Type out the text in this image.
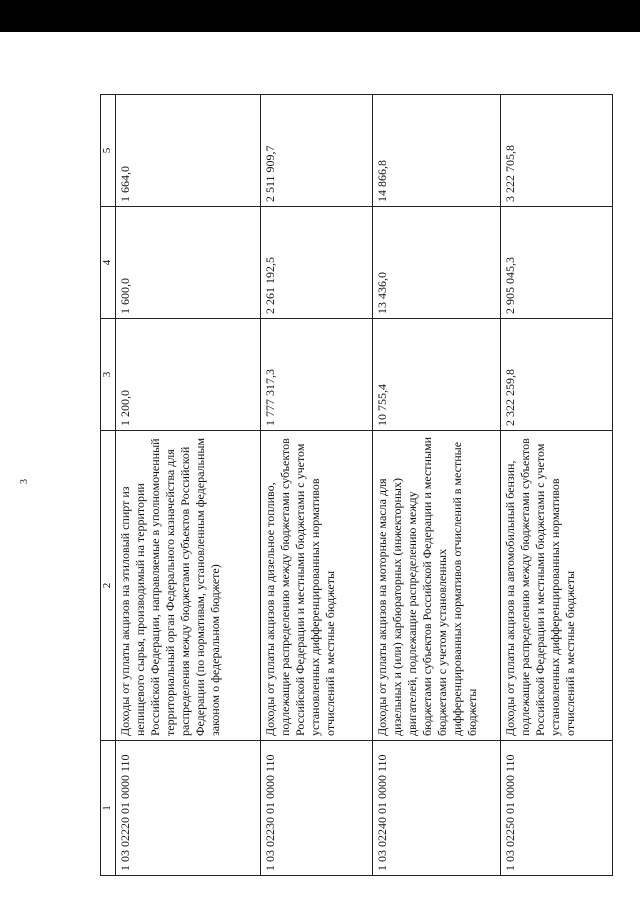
3
1	2	3	4	5
1 03 02220 01 0000 110	Доходы от уплаты акцизов на этиловый спирт из непищевого сырья, производимый на территории Российской Федерации, направляемые в уполномоченный территориальный орган Федерального казначейства для распределения между бюджетами субъектов Российской Федерации (по нормативам, установленным федеральным законом о федеральном бюджете)	1 200,0	1 600,0	1 664,0
1 03 02230 01 0000 110	Доходы от уплаты акцизов на дизельное топливо, подлежащие распределению между бюджетами субъектов Российской Федерации и местными бюджетами с учетом установленных дифференцированных нормативов отчислений в местные бюджеты	1 777 317,3	2 261 192,5	2 511 909,7
1 03 02240 01 0000 110	Доходы от уплаты акцизов на моторные масла для дизельных и (или) карбюраторных (инжекторных) двигателей, подлежащие распределению между бюджетами субъектов Российской Федерации и местными бюджетами с учетом установленных дифференцированных нормативов отчислений в местные бюджеты	10 755,4	13 436,0	14 866,8
1 03 02250 01 0000 110	Доходы от уплаты акцизов на автомобильный бензин, подлежащие распределению между бюджетами субъектов Российской Федерации и местными бюджетами с учетом установленных дифференцированных нормативов отчислений в местные бюджеты	2 322 259,8	2 905 045,3	3 222 705,8
